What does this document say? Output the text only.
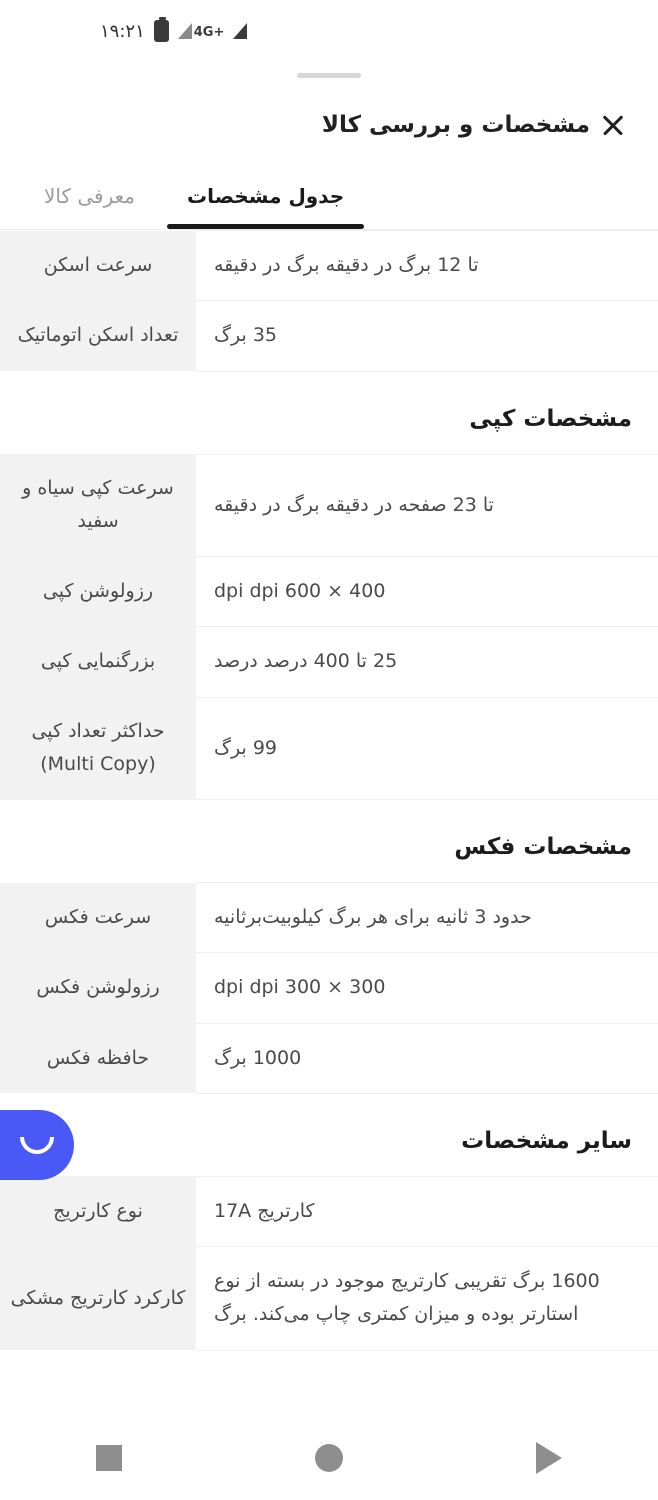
۱۹:۲۱	4G+
مشخصات و بررسی کالا
جدول مشخصات
معرفی کالا
تا 12 برگ در دقیقه برگ در دقیقه	سرعت اسکن
35 برگ	تعداد اسکن اتوماتیک
مشخصات کپی
تا 23 صفحه در دقیقه برگ در دقیقه	سرعت کپی سیاه و سفید
dpi dpi 600 × 400	رزولوشن کپی
25 تا 400 درصد درصد	بزرگنمایی کپی
99 برگ	حداکثر تعداد کپی (Multi Copy)
مشخصات فکس
حدود 3 ثانیه برای هر برگ کیلوبیت‌برثانیه	سرعت فکس
dpi dpi 300 × 300	رزولوشن فکس
1000 برگ	حافظه فکس
سایر مشخصات
کارتریج 17A	نوع کارتریج
1600 برگ تقریبی کارتریج موجود در بسته از نوع استارتر بوده و میزان کمتری چاپ می‌کند. برگ	کارکرد کارتریج مشکی
